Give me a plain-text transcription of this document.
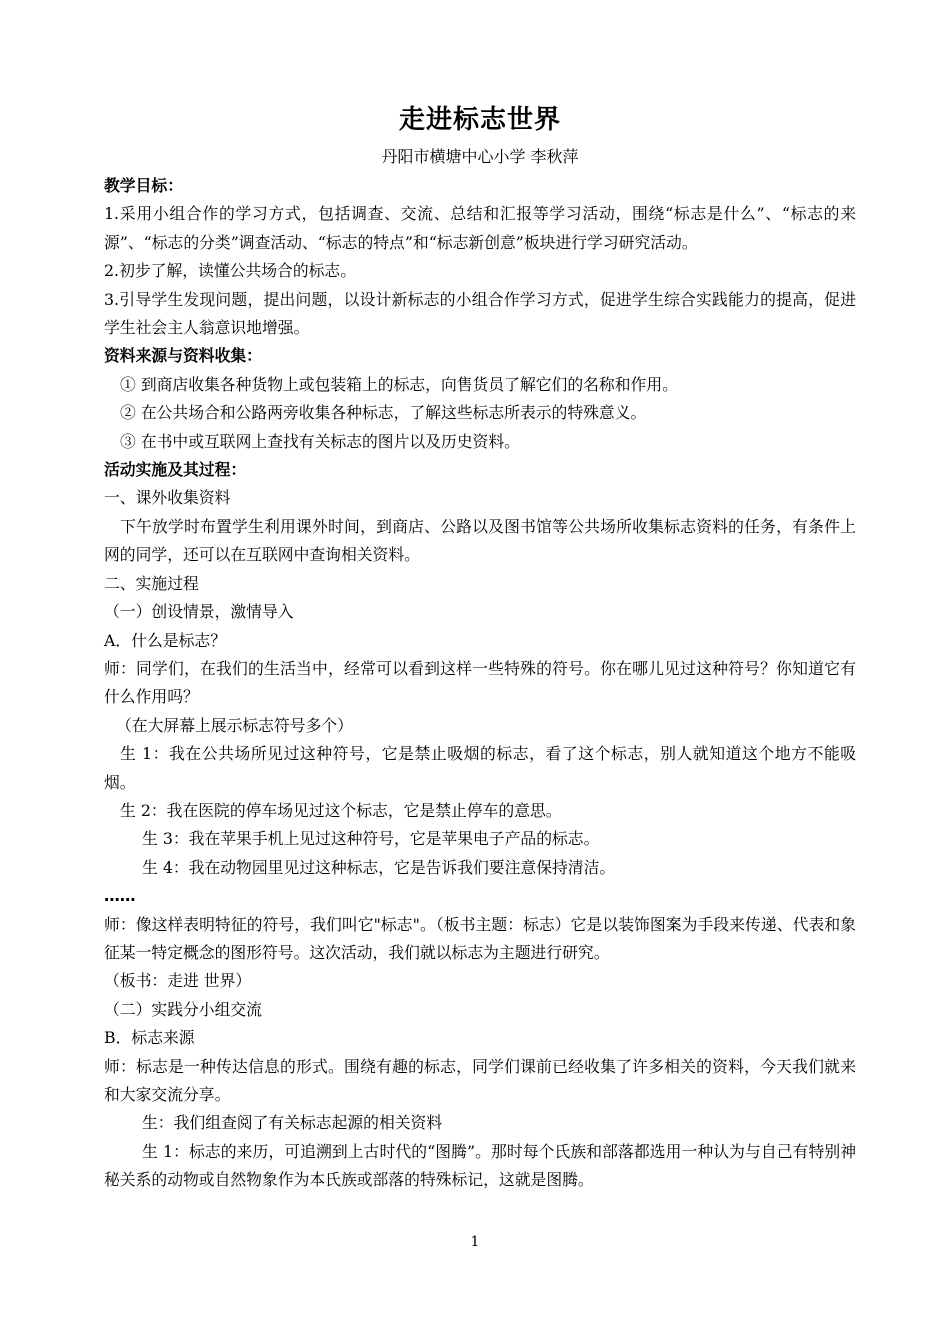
走进标志世界
丹阳市横塘中心小学 李秋萍

教学目标：

1.采用小组合作的学习方式，包括调查、交流、总结和汇报等学习活动，围绕“标志是什么”、“标志的来源”、“标志的分类”调查活动、“标志的特点”和“标志新创意”板块进行学习研究活动。

2.初步了解，读懂公共场合的标志。

3.引导学生发现问题，提出问题，以设计新标志的小组合作学习方式，促进学生综合实践能力的提高，促进学生社会主人翁意识地增强。

资料来源与资料收集：

① 到商店收集各种货物上或包装箱上的标志，向售货员了解它们的名称和作用。

② 在公共场合和公路两旁收集各种标志，了解这些标志所表示的特殊意义。

③ 在书中或互联网上查找有关标志的图片以及历史资料。

活动实施及其过程：

一、课外收集资料

下午放学时布置学生利用课外时间，到商店、公路以及图书馆等公共场所收集标志资料的任务，有条件上网的同学，还可以在互联网中查询相关资料。

二、实施过程

（一）创设情景，激情导入

A．什么是标志？

师：同学们，在我们的生活当中，经常可以看到这样一些特殊的符号。你在哪儿见过这种符号？你知道它有什么作用吗？

（在大屏幕上展示标志符号多个）

生 1：我在公共场所见过这种符号，它是禁止吸烟的标志，看了这个标志，别人就知道这个地方不能吸烟。

生 2：我在医院的停车场见过这个标志，它是禁止停车的意思。

生 3：我在苹果手机上见过这种符号，它是苹果电子产品的标志。

生 4：我在动物园里见过这种标志，它是告诉我们要注意保持清洁。

……

师：像这样表明特征的符号，我们叫它"标志"。（板书主题：标志）它是以装饰图案为手段来传递、代表和象征某一特定概念的图形符号。这次活动，我们就以标志为主题进行研究。

（板书：走进 世界）

（二）实践分小组交流

B．标志来源

师：标志是一种传达信息的形式。围绕有趣的标志，同学们课前已经收集了许多相关的资料，今天我们就来和大家交流分享。

生：我们组查阅了有关标志起源的相关资料

生 1：标志的来历，可追溯到上古时代的“图腾”。那时每个氏族和部落都选用一种认为与自己有特别神秘关系的动物或自然物象作为本氏族或部落的特殊标记，这就是图腾。

1
